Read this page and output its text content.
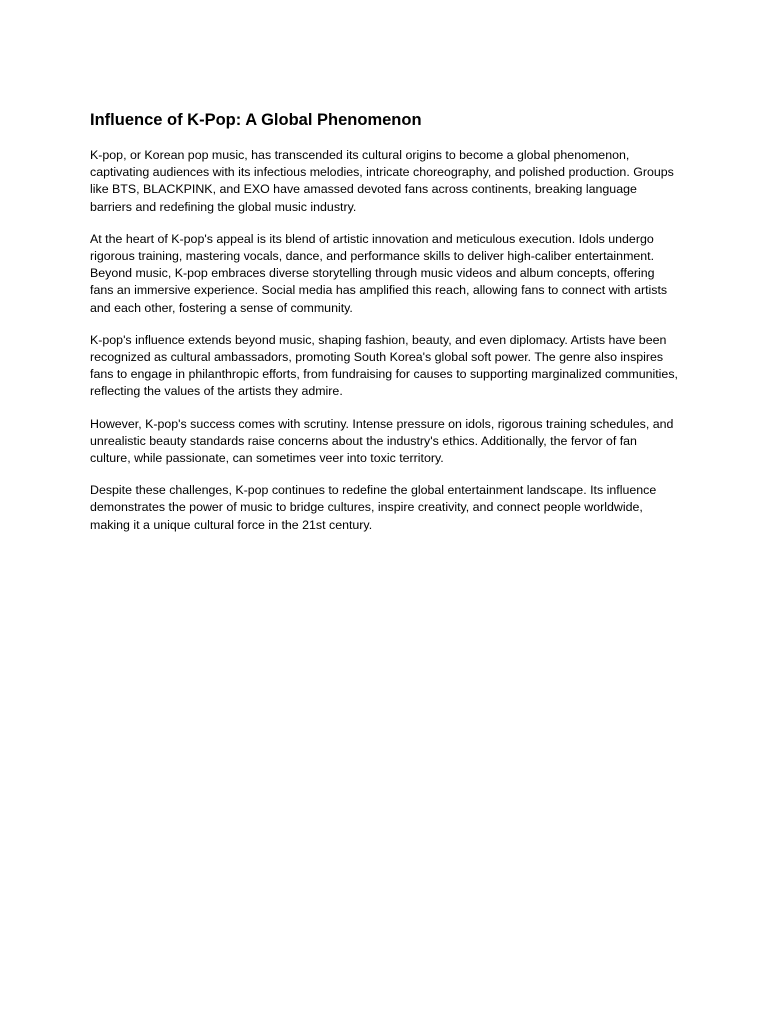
Influence of K-Pop: A Global Phenomenon

K-pop, or Korean pop music, has transcended its cultural origins to become a global phenomenon, captivating audiences with its infectious melodies, intricate choreography, and polished production. Groups like BTS, BLACKPINK, and EXO have amassed devoted fans across continents, breaking language barriers and redefining the global music industry.

At the heart of K-pop's appeal is its blend of artistic innovation and meticulous execution. Idols undergo rigorous training, mastering vocals, dance, and performance skills to deliver high-caliber entertainment. Beyond music, K-pop embraces diverse storytelling through music videos and album concepts, offering fans an immersive experience. Social media has amplified this reach, allowing fans to connect with artists and each other, fostering a sense of community.

K-pop's influence extends beyond music, shaping fashion, beauty, and even diplomacy. Artists have been recognized as cultural ambassadors, promoting South Korea's global soft power. The genre also inspires fans to engage in philanthropic efforts, from fundraising for causes to supporting marginalized communities, reflecting the values of the artists they admire.

However, K-pop's success comes with scrutiny. Intense pressure on idols, rigorous training schedules, and unrealistic beauty standards raise concerns about the industry's ethics. Additionally, the fervor of fan culture, while passionate, can sometimes veer into toxic territory.

Despite these challenges, K-pop continues to redefine the global entertainment landscape. Its influence demonstrates the power of music to bridge cultures, inspire creativity, and connect people worldwide, making it a unique cultural force in the 21st century.
